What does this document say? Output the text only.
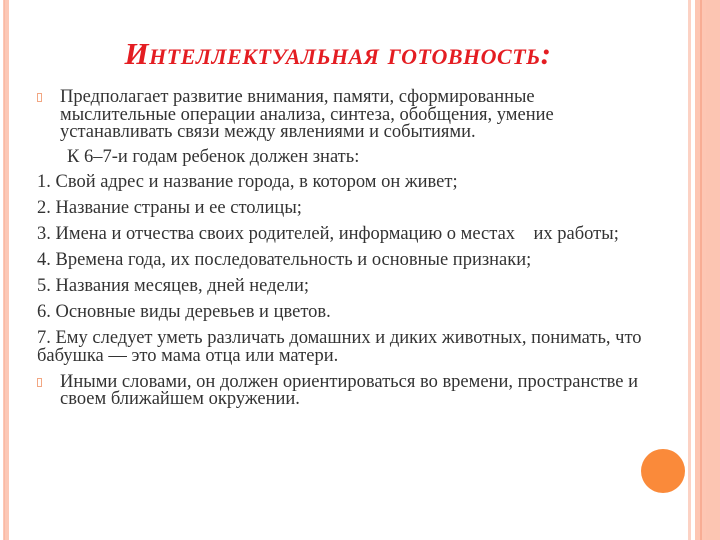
Интеллектуальная готовность:

Предполагает развитие внимания, памяти, сформированные мыслительные операции анализа, синтеза, обобщения, умение устанавливать связи между явлениями и событиями.

К 6–7-и годам ребенок должен знать:

1. Свой адрес и название города, в котором он живет;

2. Название страны и ее столицы;

3. Имена и отчества своих родителей, информацию о местах    их работы;

4. Времена года, их последовательность и основные признаки;

5. Названия месяцев, дней недели;

6. Основные виды деревьев и цветов.

7. Ему следует уметь различать домашних и диких животных, понимать, что бабушка — это мама отца или матери.

Иными словами, он должен ориентироваться во времени, пространстве и своем ближайшем окружении.
